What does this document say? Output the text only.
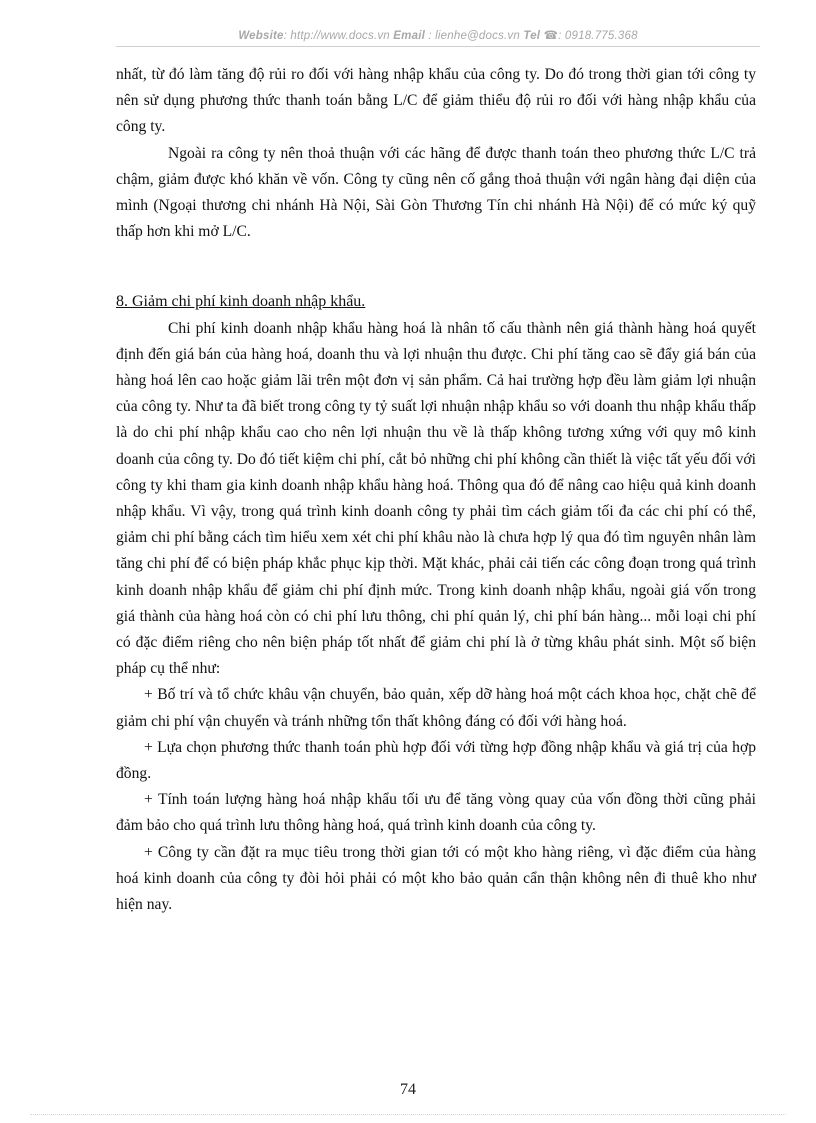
Website: http://www.docs.vn Email : lienhe@docs.vn Tel ☎: 0918.775.368

nhất, từ đó làm tăng độ rủi ro đối với hàng nhập khẩu của công ty. Do đó trong thời gian tới công ty nên sử dụng phương thức thanh toán bằng L/C để giảm thiểu độ rủi ro đối với hàng nhập khẩu của công ty.

Ngoài ra công ty nên thoả thuận với các hãng để được thanh toán theo phương thức L/C trả chậm, giảm được khó khăn về vốn. Công ty cũng nên cố gắng thoả thuận với ngân hàng đại diện của mình (Ngoại thương chi nhánh Hà Nội, Sài Gòn Thương Tín chi nhánh Hà Nội) để có mức ký quỹ thấp hơn khi mở L/C.

8. Giảm chi phí kinh doanh nhập khẩu.

Chi phí kinh doanh nhập khẩu hàng hoá là nhân tố cấu thành nên giá thành hàng hoá quyết định đến giá bán của hàng hoá, doanh thu và lợi nhuận thu được. Chi phí tăng cao sẽ đẩy giá bán của hàng hoá lên cao hoặc giảm lãi trên một đơn vị sản phẩm. Cả hai trường hợp đều làm giảm lợi nhuận của công ty. Như ta đã biết trong công ty tỷ suất lợi nhuận nhập khẩu so với doanh thu nhập khẩu thấp là do chi phí nhập khẩu cao cho nên lợi nhuận thu về là thấp không tương xứng với quy mô kinh doanh của công ty. Do đó tiết kiệm chi phí, cắt bỏ những chi phí không cần thiết là việc tất yếu đối với công ty khi tham gia kinh doanh nhập khẩu hàng hoá. Thông qua đó để nâng cao hiệu quả kinh doanh nhập khẩu. Vì vậy, trong quá trình kinh doanh công ty phải tìm cách giảm tối đa các chi phí có thể, giảm chi phí bằng cách tìm hiểu xem xét chi phí khâu nào là chưa hợp lý qua đó tìm nguyên nhân làm tăng chi phí để có biện pháp khắc phục kịp thời. Mặt khác, phải cải tiến các công đoạn trong quá trình kinh doanh nhập khẩu để giảm chi phí định mức. Trong kinh doanh nhập khẩu, ngoài giá vốn trong giá thành của hàng hoá còn có chi phí lưu thông, chi phí quản lý, chi phí bán hàng... mỗi loại chi phí có đặc điểm riêng cho nên biện pháp tốt nhất để giảm chi phí là ở từng khâu phát sinh. Một số biện pháp cụ thể như:

+ Bố trí và tổ chức khâu vận chuyển, bảo quản, xếp dỡ hàng hoá một cách khoa học, chặt chẽ để giảm chi phí vận chuyển và tránh những tổn thất không đáng có đối với hàng hoá.

+ Lựa chọn phương thức thanh toán phù hợp đối với từng hợp đồng nhập khẩu và giá trị của hợp đồng.

+ Tính toán lượng hàng hoá nhập khẩu tối ưu để tăng vòng quay của vốn đồng thời cũng phải đảm bảo cho quá trình lưu thông hàng hoá, quá trình kinh doanh của công ty.

+ Công ty cần đặt ra mục tiêu trong thời gian tới có một kho hàng riêng, vì đặc điểm của hàng hoá kinh doanh của công ty đòi hỏi phải có một kho bảo quản cẩn thận không nên đi thuê kho như hiện nay.

74
